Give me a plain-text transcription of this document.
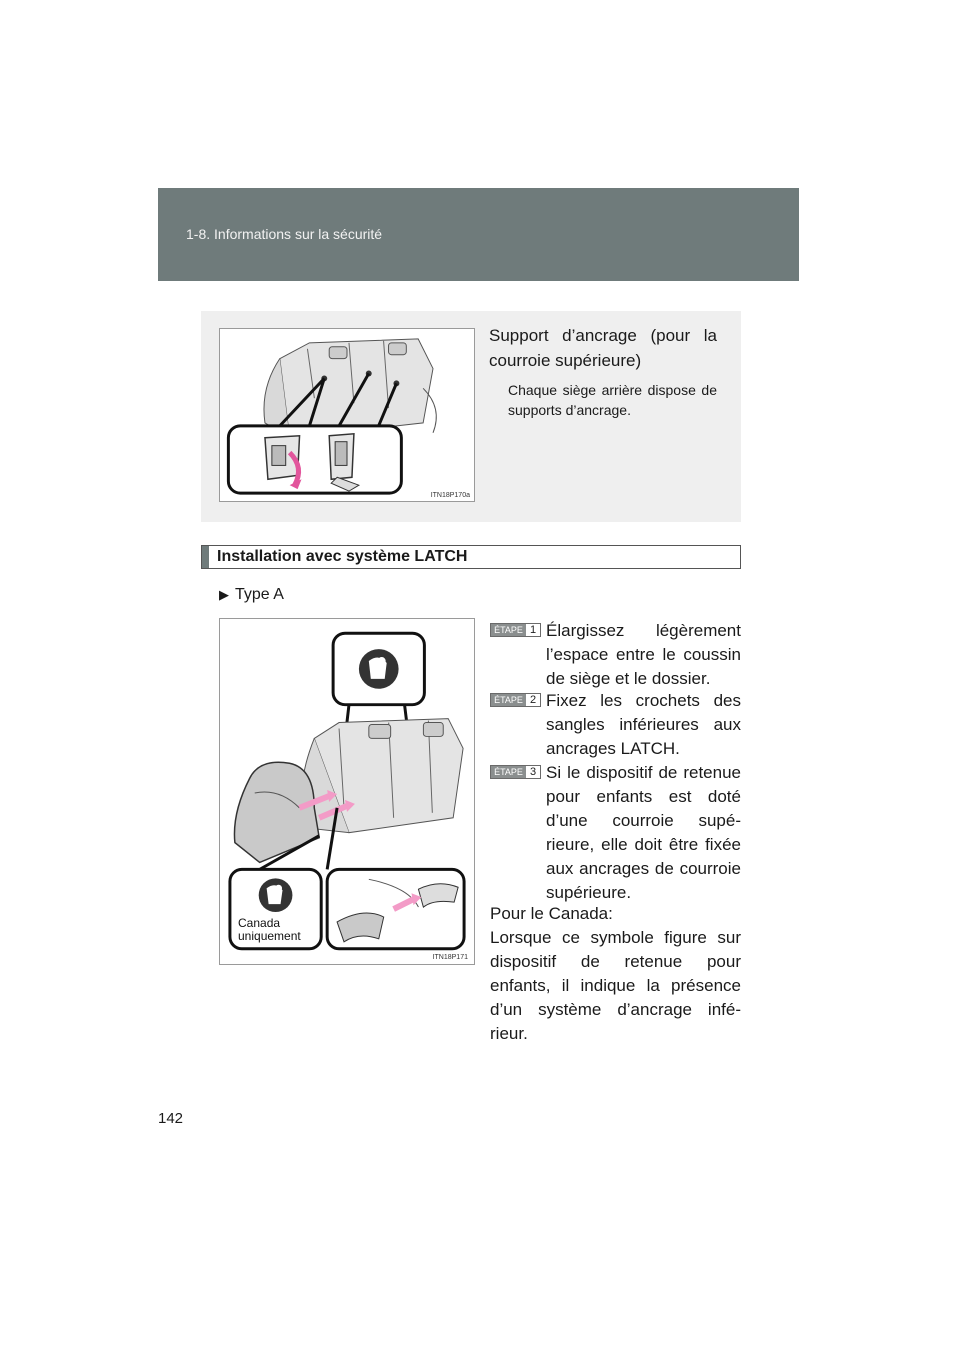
1-8. Informations sur la sécurité
ITN18P170a
Support d’ancrage (pour la courroie supérieure)
Chaque siège arrière dispose de supports d’ancrage.
Installation avec système LATCH
▶ Type A
Canada
uniquement
ITN18P171
ÉTAPE 1 Élargissez légèrement l’espace entre le coussin de siège et le dossier.
ÉTAPE 2 Fixez les crochets des sangles inférieures aux ancrages LATCH.
ÉTAPE 3 Si le dispositif de retenue pour enfants est doté d’une courroie supé-rieure, elle doit être fixée aux ancrages de courroie supérieure.

Pour le Canada:

Lorsque ce symbole figure sur dispositif de retenue pour enfants, il indique la présence d’un système d’ancrage infé-rieur.

142
